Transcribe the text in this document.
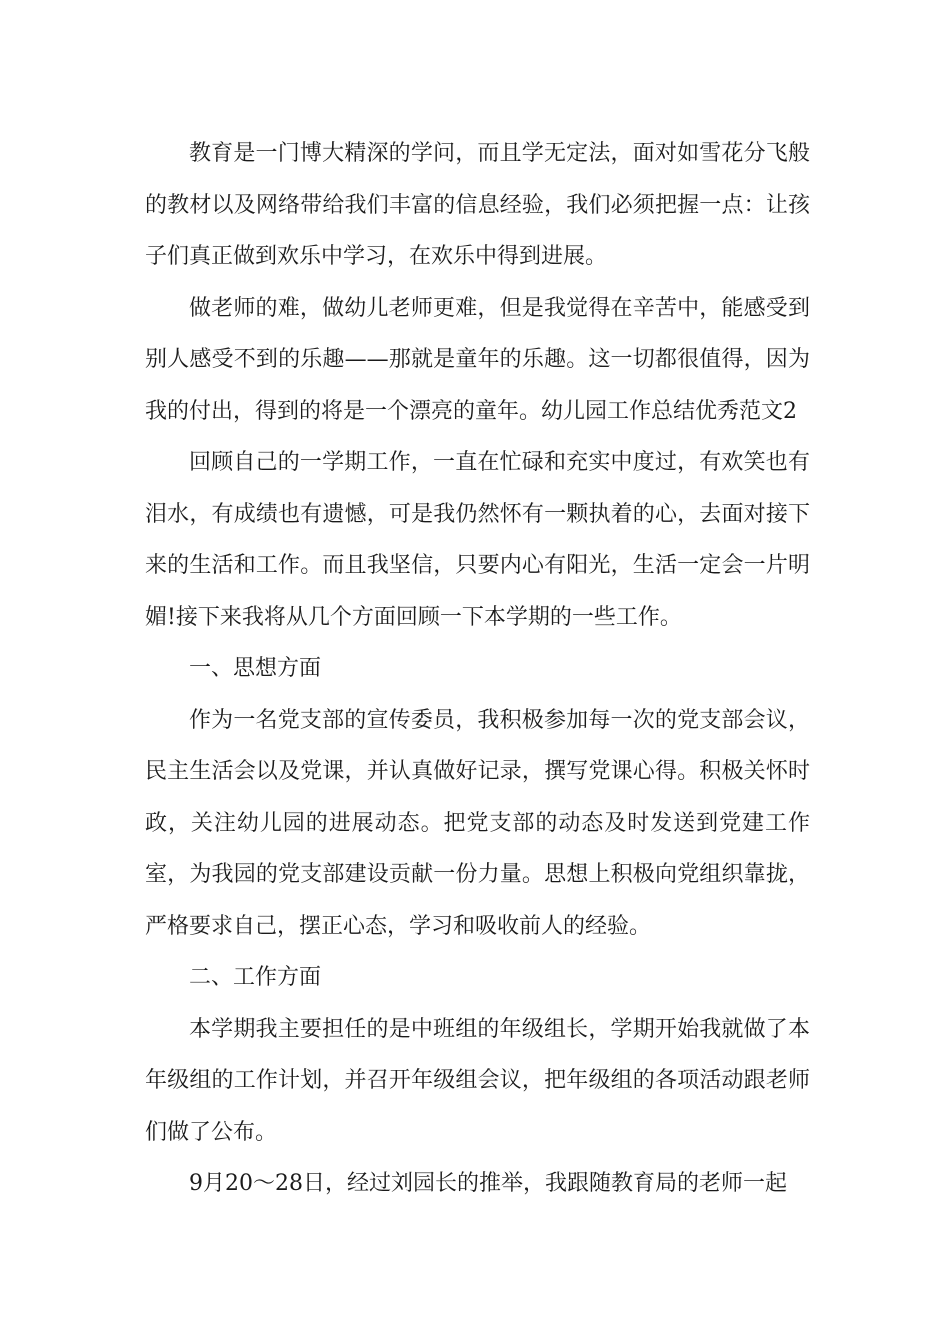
教育是一门博大精深的学问，而且学无定法，面对如雪花分飞般的教材以及网络带给我们丰富的信息经验，我们必须把握一点：让孩子们真正做到欢乐中学习，在欢乐中得到进展。

做老师的难，做幼儿老师更难，但是我觉得在辛苦中，能感受到别人感受不到的乐趣——那就是童年的乐趣。这一切都很值得，因为我的付出，得到的将是一个漂亮的童年。幼儿园工作总结优秀范文2

回顾自己的一学期工作，一直在忙碌和充实中度过，有欢笑也有泪水，有成绩也有遗憾，可是我仍然怀有一颗执着的心，去面对接下来的生活和工作。而且我坚信，只要内心有阳光，生活一定会一片明媚!接下来我将从几个方面回顾一下本学期的一些工作。

一、思想方面

作为一名党支部的宣传委员，我积极参加每一次的党支部会议，民主生活会以及党课，并认真做好记录，撰写党课心得。积极关怀时政，关注幼儿园的进展动态。把党支部的动态及时发送到党建工作室，为我园的党支部建设贡献一份力量。思想上积极向党组织靠拢，严格要求自己，摆正心态，学习和吸收前人的经验。

二、工作方面

本学期我主要担任的是中班组的年级组长，学期开始我就做了本年级组的工作计划，并召开年级组会议，把年级组的各项活动跟老师们做了公布。

9月20～28日，经过刘园长的推举，我跟随教育局的老师一起
